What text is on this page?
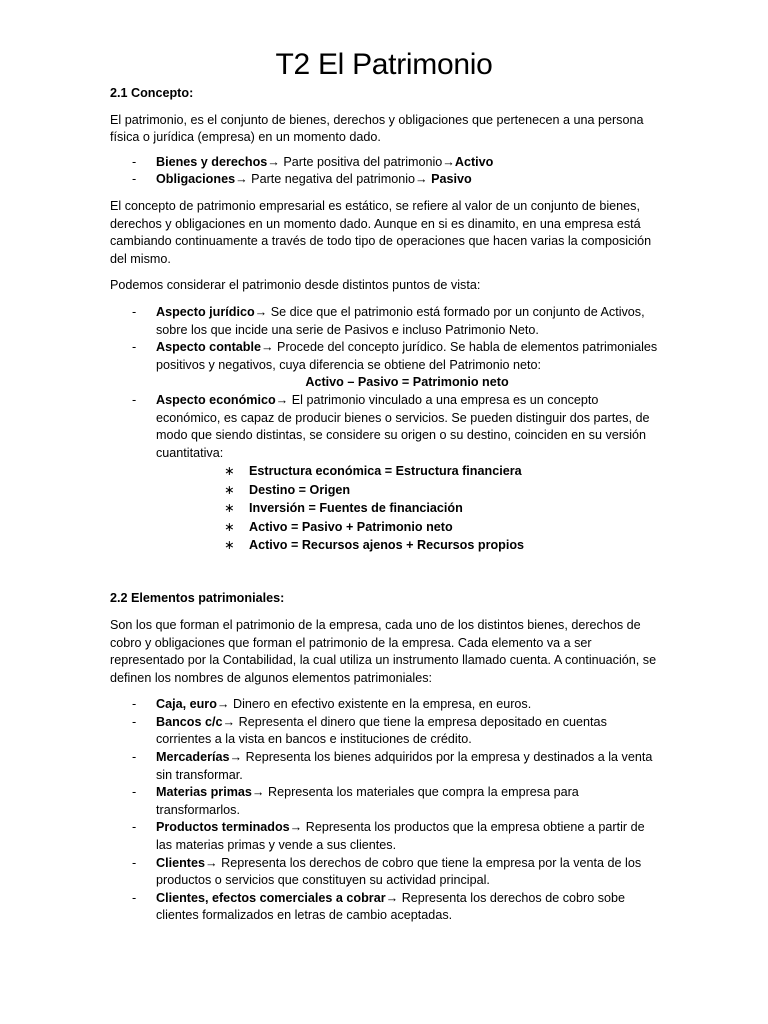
T2 El Patrimonio
2.1 Concepto:

El patrimonio, es el conjunto de bienes, derechos y obligaciones que pertenecen a una persona física o jurídica (empresa) en un momento dado.

- Bienes y derechos→ Parte positiva del patrimonio→Activo
- Obligaciones→ Parte negativa del patrimonio→ Pasivo

El concepto de patrimonio empresarial es estático, se refiere al valor de un conjunto de bienes, derechos y obligaciones en un momento dado. Aunque en si es dinamito, en una empresa está cambiando continuamente a través de todo tipo de operaciones que hacen varias la composición del mismo.

Podemos considerar el patrimonio desde distintos puntos de vista:

- Aspecto jurídico→ Se dice que el patrimonio está formado por un conjunto de Activos, sobre los que incide una serie de Pasivos e incluso Patrimonio Neto.
- Aspecto contable→ Procede del concepto jurídico. Se habla de elementos patrimoniales positivos y negativos, cuya diferencia se obtiene del Patrimonio neto:
Activo – Pasivo = Patrimonio neto
- Aspecto económico→ El patrimonio vinculado a una empresa es un concepto económico, es capaz de producir bienes o servicios. Se pueden distinguir dos partes, de modo que siendo distintas, se considere su origen o su destino, coinciden en su versión cuantitativa:
∗ Estructura económica = Estructura financiera
∗ Destino = Origen
∗ Inversión = Fuentes de financiación
∗ Activo = Pasivo + Patrimonio neto
∗ Activo = Recursos ajenos + Recursos propios
2.2 Elementos patrimoniales:

Son los que forman el patrimonio de la empresa, cada uno de los distintos bienes, derechos de cobro y obligaciones que forman el patrimonio de la empresa. Cada elemento va a ser representado por la Contabilidad, la cual utiliza un instrumento llamado cuenta. A continuación, se definen los nombres de algunos elementos patrimoniales:

- Caja, euro→ Dinero en efectivo existente en la empresa, en euros.
- Bancos c/c→ Representa el dinero que tiene la empresa depositado en cuentas corrientes a la vista en bancos e instituciones de crédito.
- Mercaderías→ Representa los bienes adquiridos por la empresa y destinados a la venta sin transformar.
- Materias primas→ Representa los materiales que compra la empresa para transformarlos.
- Productos terminados→ Representa los productos que la empresa obtiene a partir de las materias primas y vende a sus clientes.
- Clientes→ Representa los derechos de cobro que tiene la empresa por la venta de los productos o servicios que constituyen su actividad principal.
- Clientes, efectos comerciales a cobrar→ Representa los derechos de cobro sobe clientes formalizados en letras de cambio aceptadas.
